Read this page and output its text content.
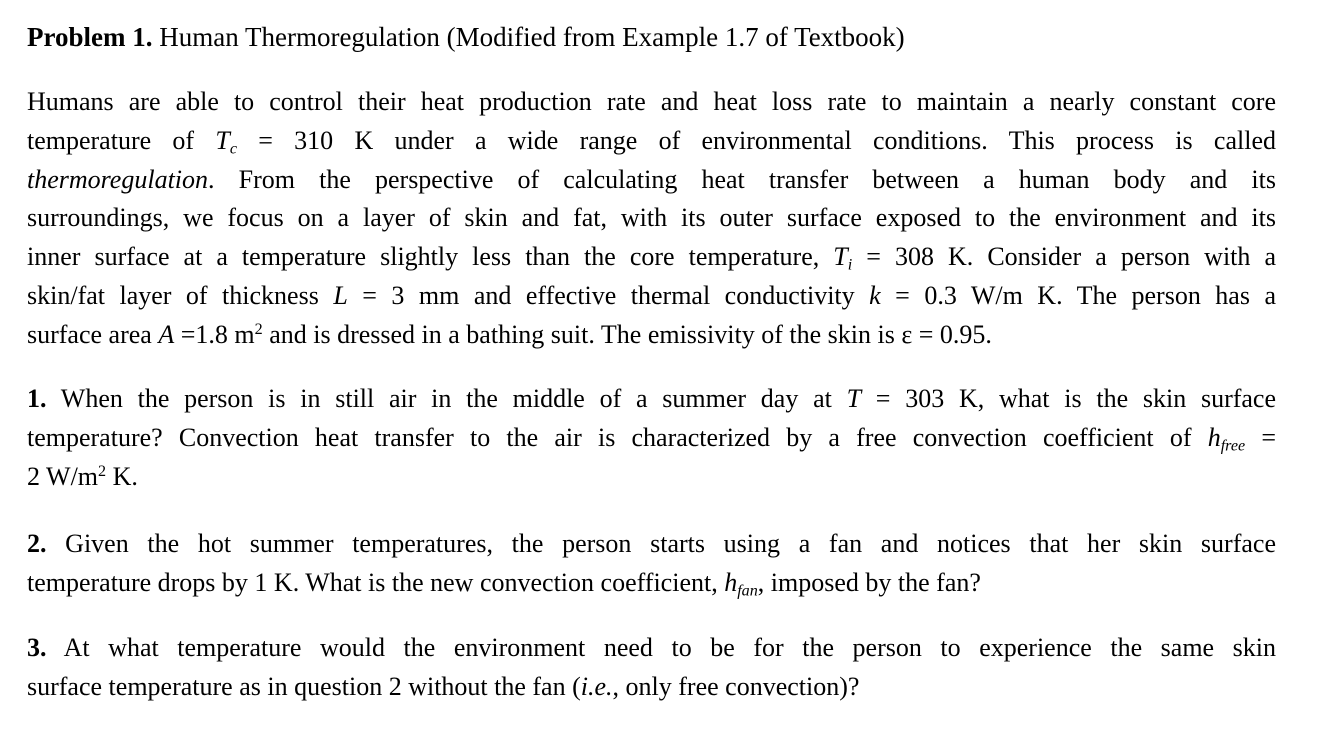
Problem 1. Human Thermoregulation (Modified from Example 1.7 of Textbook)
Humans are able to control their heat production rate and heat loss rate to maintain a nearly constant core
temperature of $T_c = 310$ K under a wide range of environmental conditions. This process is called
thermoregulation. From the perspective of calculating heat transfer between a human body and its
surroundings, we focus on a layer of skin and fat, with its outer surface exposed to the environment and its
inner surface at a temperature slightly less than the core temperature, $T_i = 308$ K. Consider a person with a
skin/fat layer of thickness L = 3 mm and effective thermal conductivity k = 0.3 W/m K. The person has a
surface area A =1.8 $m^2$ and is dressed in a bathing suit. The emissivity of the skin is ε = 0.95.
1. When the person is in still air in the middle of a summer day at T = 303 K, what is the skin surface
temperature? Convection heat transfer to the air is characterized by a free convection coefficient of $h_{free}$ =
2 $W/m^2$ K.
2. Given the hot summer temperatures, the person starts using a fan and notices that her skin surface
temperature drops by 1 K. What is the new convection coefficient, $h_{fan}$, imposed by the fan?
3. At what temperature would the environment need to be for the person to experience the same skin
surface temperature as in question 2 without the fan (i.e., only free convection)?
